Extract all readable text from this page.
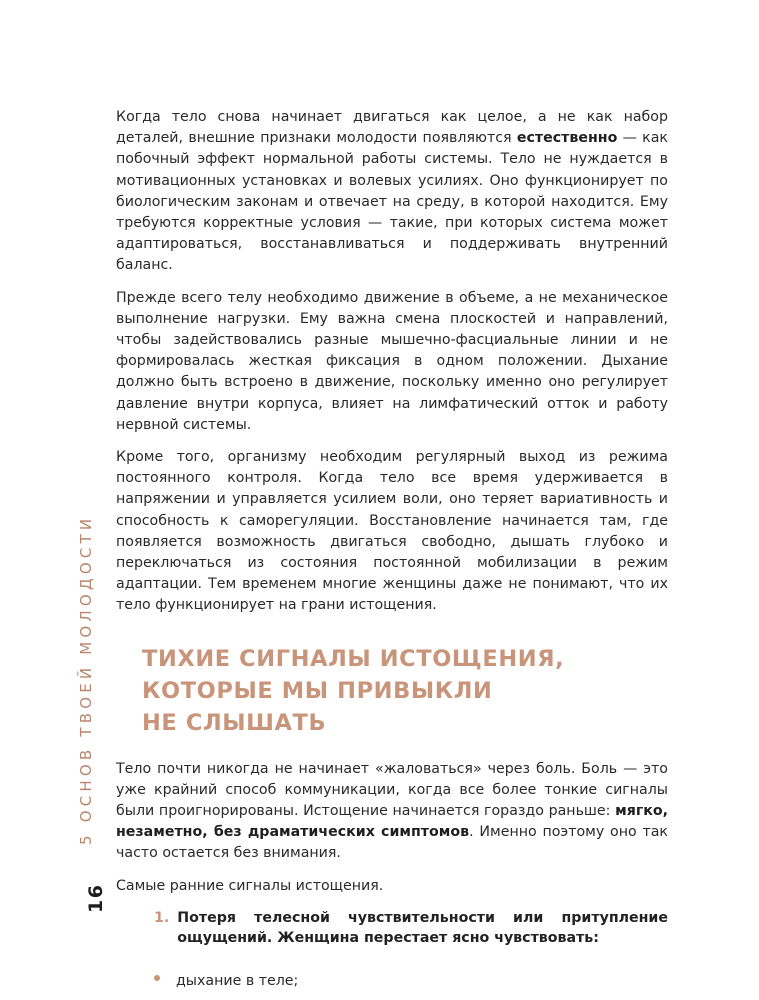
5 ОСНОВ ТВОЕЙ МОЛОДОСТИ
16

Когда тело снова начинает двигаться как целое, а не как набор деталей, внешние признаки молодости появляются естественно — как побочный эффект нормальной работы системы. Тело не нуждается в мотивационных установках и волевых усилиях. Оно функционирует по биологическим законам и отвечает на среду, в которой находится. Ему требуются корректные условия — такие, при которых система может адаптироваться, восстанавливаться и поддерживать внутренний баланс.

Прежде всего телу необходимо движение в объеме, а не механическое выполнение нагрузки. Ему важна смена плоскостей и направлений, чтобы задействовались разные мышечно-фасциальные линии и не формировалась жесткая фиксация в одном положении. Дыхание должно быть встроено в движение, поскольку именно оно регулирует давление внутри корпуса, влияет на лимфатический отток и работу нервной системы.

Кроме того, организму необходим регулярный выход из режима постоянного контроля. Когда тело все время удерживается в напряжении и управляется усилием воли, оно теряет вариативность и способность к саморегуляции. Восстановление начинается там, где появляется возможность двигаться свободно, дышать глубоко и переключаться из состояния постоянной мобилизации в режим адаптации. Тем временем многие женщины даже не понимают, что их тело функционирует на грани истощения.

ТИХИЕ СИГНАЛЫ ИСТОЩЕНИЯ,
КОТОРЫЕ МЫ ПРИВЫКЛИ
НЕ СЛЫШАТЬ

Тело почти никогда не начинает «жаловаться» через боль. Боль — это уже крайний способ коммуникации, когда все более тонкие сигналы были проигнорированы. Истощение начинается гораздо раньше: мягко, незаметно, без драматических симптомов. Именно поэтому оно так часто остается без внимания.

Самые ранние сигналы истощения.

1. Потеря телесной чувствительности или притупление ощущений. Женщина перестает ясно чувствовать:
дыхание в теле;
